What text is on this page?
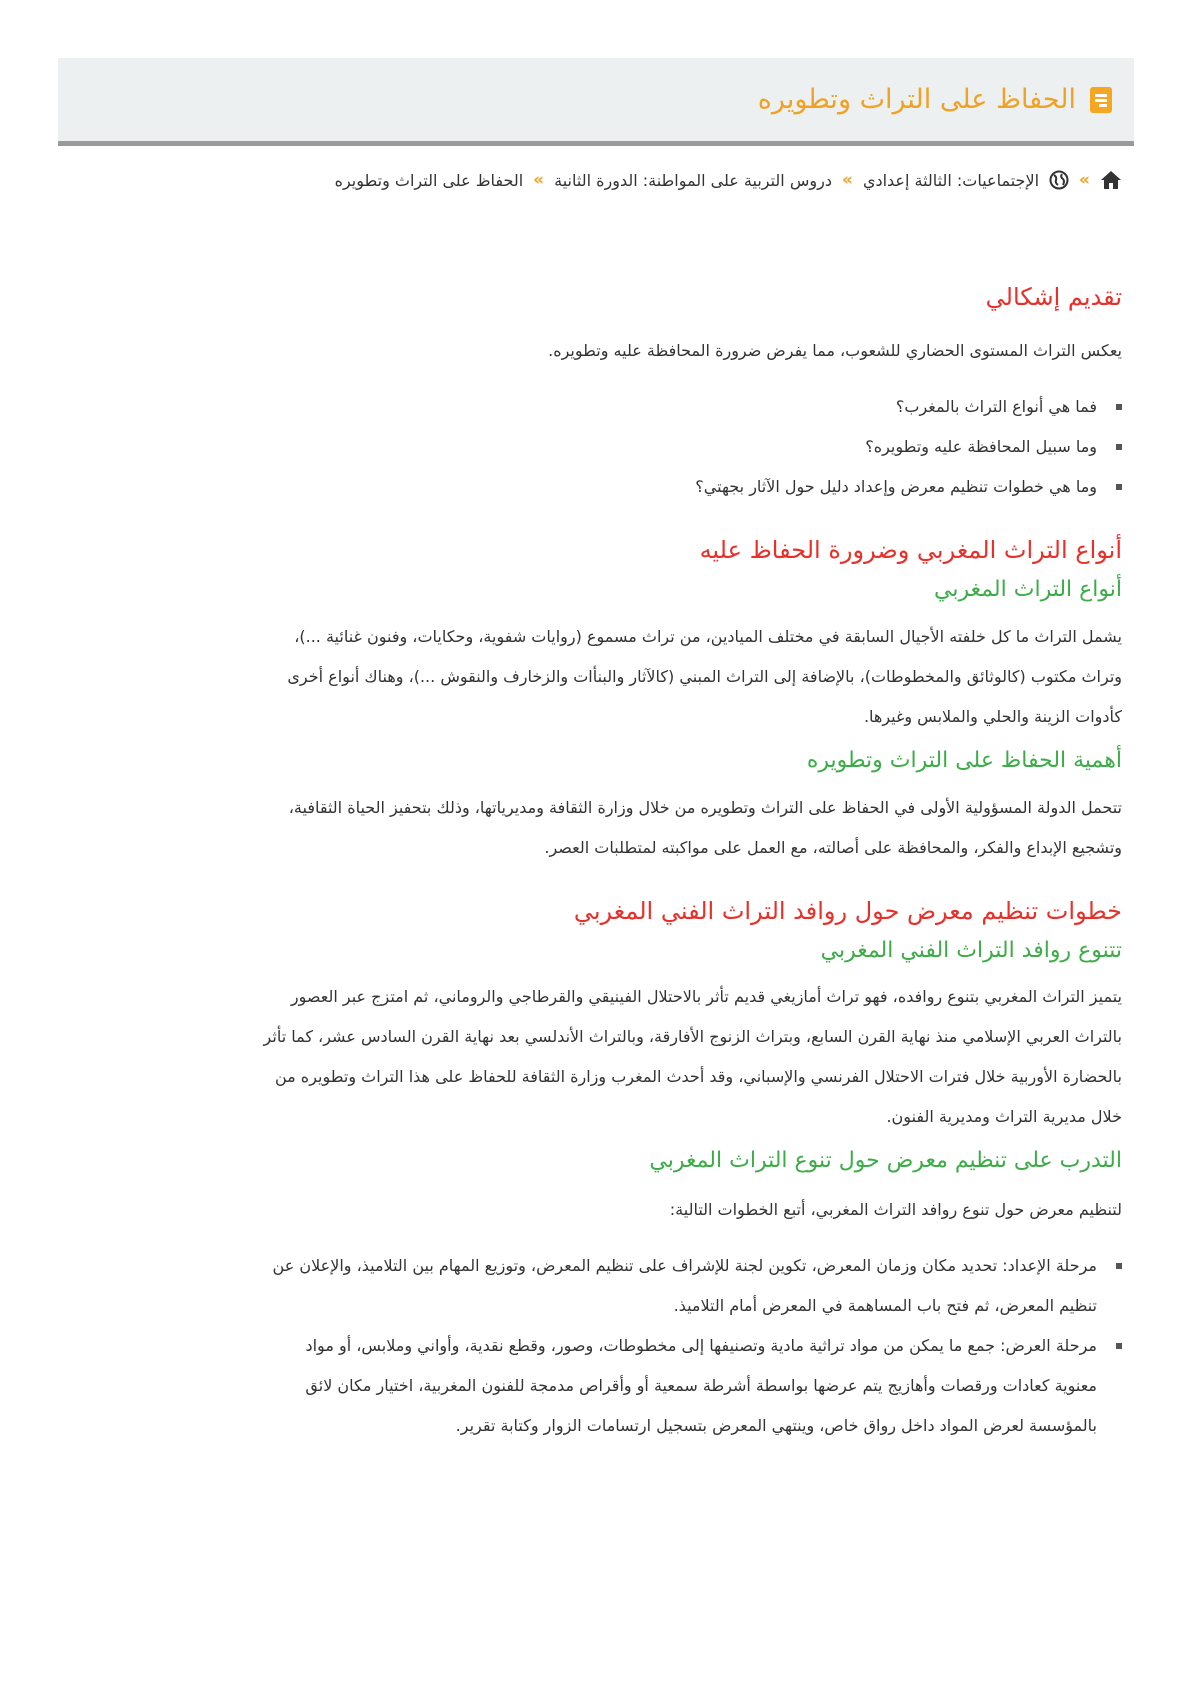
الحفاظ على التراث وتطويره
»
الإجتماعيات: الثالثة إعدادي
»
دروس التربية على المواطنة: الدورة الثانية
»
الحفاظ على التراث وتطويره
تقديم إشكالي

يعكس التراث المستوى الحضاري للشعوب، مما يفرض ضرورة المحافظة عليه وتطويره.

فما هي أنواع التراث بالمغرب؟
وما سبيل المحافظة عليه وتطويره؟
وما هي خطوات تنظيم معرض وإعداد دليل حول الآثار بجهتي؟
أنواع التراث المغربي وضرورة الحفاظ عليه
أنواع التراث المغربي

يشمل التراث ما كل خلفته الأجيال السابقة في مختلف الميادين، من تراث مسموع (روايات شفوية، وحكايات، وفنون غنائية ...)،

وتراث مكتوب (كالوثائق والمخطوطات)، بالإضافة إلى التراث المبني (كالآثار والبنأات والزخارف والنقوش ...)، وهناك أنواع أخرى

كأدوات الزينة والحلي والملابس وغيرها.

أهمية الحفاظ على التراث وتطويره

تتحمل الدولة المسؤولية الأولى في الحفاظ على التراث وتطويره من خلال وزارة الثقافة ومديرياتها، وذلك بتحفيز الحياة الثقافية،

وتشجيع الإبداع والفكر، والمحافظة على أصالته، مع العمل على مواكبته لمتطلبات العصر.

خطوات تنظيم معرض حول روافد التراث الفني المغربي
تتنوع روافد التراث الفني المغربي

يتميز التراث المغربي بتنوع روافده، فهو تراث أمازيغي قديم تأثر بالاحتلال الفينيقي والقرطاجي والروماني، ثم امتزج عبر العصور

بالتراث العربي الإسلامي منذ نهاية القرن السابع، وبتراث الزنوج الأفارقة، وبالتراث الأندلسي بعد نهاية القرن السادس عشر، كما تأثر

بالحضارة الأوربية خلال فترات الاحتلال الفرنسي والإسباني، وقد أحدث المغرب وزارة الثقافة للحفاظ على هذا التراث وتطويره من

خلال مديرية التراث ومديرية الفنون.

التدرب على تنظيم معرض حول تنوع التراث المغربي

لتنظيم معرض حول تنوع روافد التراث المغربي، أتبع الخطوات التالية:

مرحلة الإعداد: تحديد مكان وزمان المعرض، تكوين لجنة للإشراف على تنظيم المعرض، وتوزيع المهام بين التلاميذ، والإعلان عن
تنظيم المعرض، ثم فتح باب المساهمة في المعرض أمام التلاميذ.
مرحلة العرض: جمع ما يمكن من مواد تراثية مادية وتصنيفها إلى مخطوطات، وصور، وقطع نقدية، وأواني وملابس، أو مواد
معنوية كعادات ورقصات وأهازيج يتم عرضها بواسطة أشرطة سمعية أو وأقراص مدمجة للفنون المغربية، اختيار مكان لائق
بالمؤسسة لعرض المواد داخل رواق خاص، وينتهي المعرض بتسجيل ارتسامات الزوار وكتابة تقرير.
